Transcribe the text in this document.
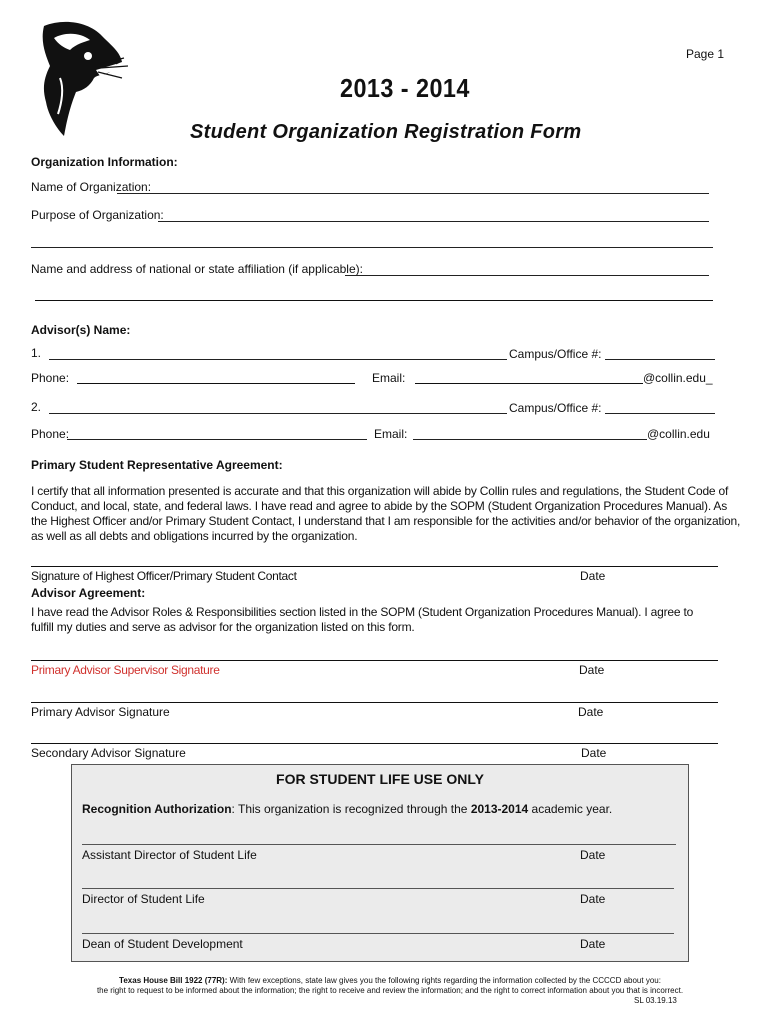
Page 1
2013 - 2014
Student Organization Registration Form
Organization Information:
Name of Organization:
Purpose of Organization:
Name and address of national or state affiliation (if applicable):
Advisor(s) Name:
1.	Campus/Office #:
Phone:	Email:	@collin.edu_
2.	Campus/Office #:
Phone:	Email:	@collin.edu
Primary Student Representative Agreement:
I certify that all information presented is accurate and that this organization will abide by Collin rules and regulations, the Student Code of Conduct, and local, state, and federal laws. I have read and agree to abide by the SOPM (Student Organization Procedures Manual). As the Highest Officer and/or Primary Student Contact, I understand that I am responsible for the activities and/or behavior of the organization, as well as all debts and obligations incurred by the organization.
Signature of Highest Officer/Primary Student Contact	Date
Advisor Agreement:
I have read the Advisor Roles & Responsibilities section listed in the SOPM (Student Organization Procedures Manual). I agree to fulfill my duties and serve as advisor for the organization listed on this form.
Primary Advisor Supervisor Signature	Date
Primary Advisor Signature	Date
Secondary Advisor Signature	Date
FOR STUDENT LIFE USE ONLY
Recognition Authorization: This organization is recognized through the 2013-2014 academic year.
Assistant Director of Student Life	Date
Director of Student Life	Date
Dean of Student Development	Date
Texas House Bill 1922 (77R): With few exceptions, state law gives you the following rights regarding the information collected by the CCCCD about you:
the right to request to be informed about the information; the right to receive and review the information; and the right to correct information about you that is incorrect.
SL 03.19.13
